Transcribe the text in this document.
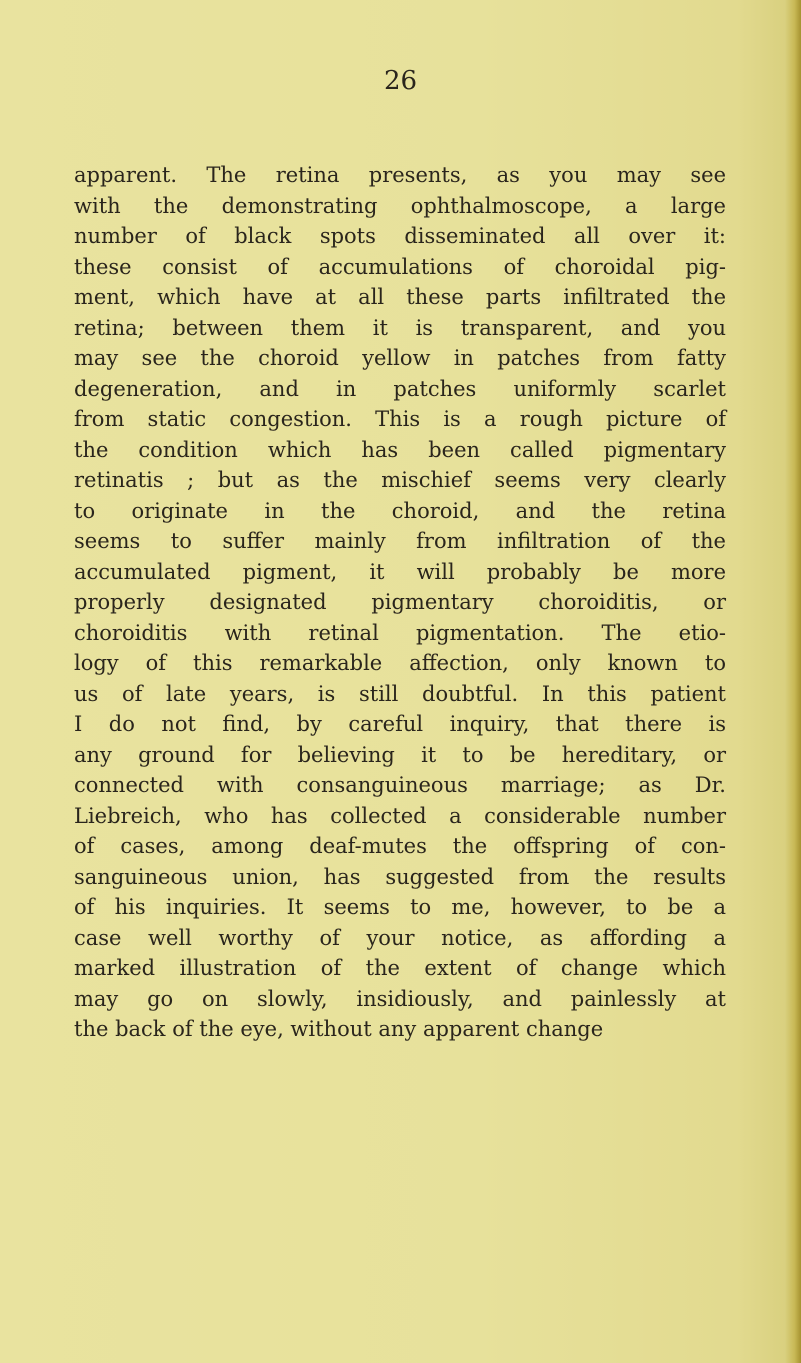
26

apparent. The retina presents, as you may see
with the demonstrating ophthalmoscope, a large
number of black spots disseminated all over it:
these consist of accumulations of choroidal pig-
ment, which have at all these parts infiltrated the
retina; between them it is transparent, and you
may see the choroid yellow in patches from fatty
degeneration, and in patches uniformly scarlet
from static congestion. This is a rough picture of
the condition which has been called pigmentary
retinatis ; but as the mischief seems very clearly
to originate in the choroid, and the retina
seems to suffer mainly from infiltration of the
accumulated pigment, it will probably be more
properly designated pigmentary choroiditis, or
choroiditis with retinal pigmentation. The etio-
logy of this remarkable affection, only known to
us of late years, is still doubtful. In this patient
I do not find, by careful inquiry, that there is
any ground for believing it to be hereditary, or
connected with consanguineous marriage; as Dr.
Liebreich, who has collected a considerable number
of cases, among deaf-mutes the offspring of con-
sanguineous union, has suggested from the results
of his inquiries. It seems to me, however, to be a
case well worthy of your notice, as affording a
marked illustration of the extent of change which
may go on slowly, insidiously, and painlessly at
the back of the eye, without any apparent change
